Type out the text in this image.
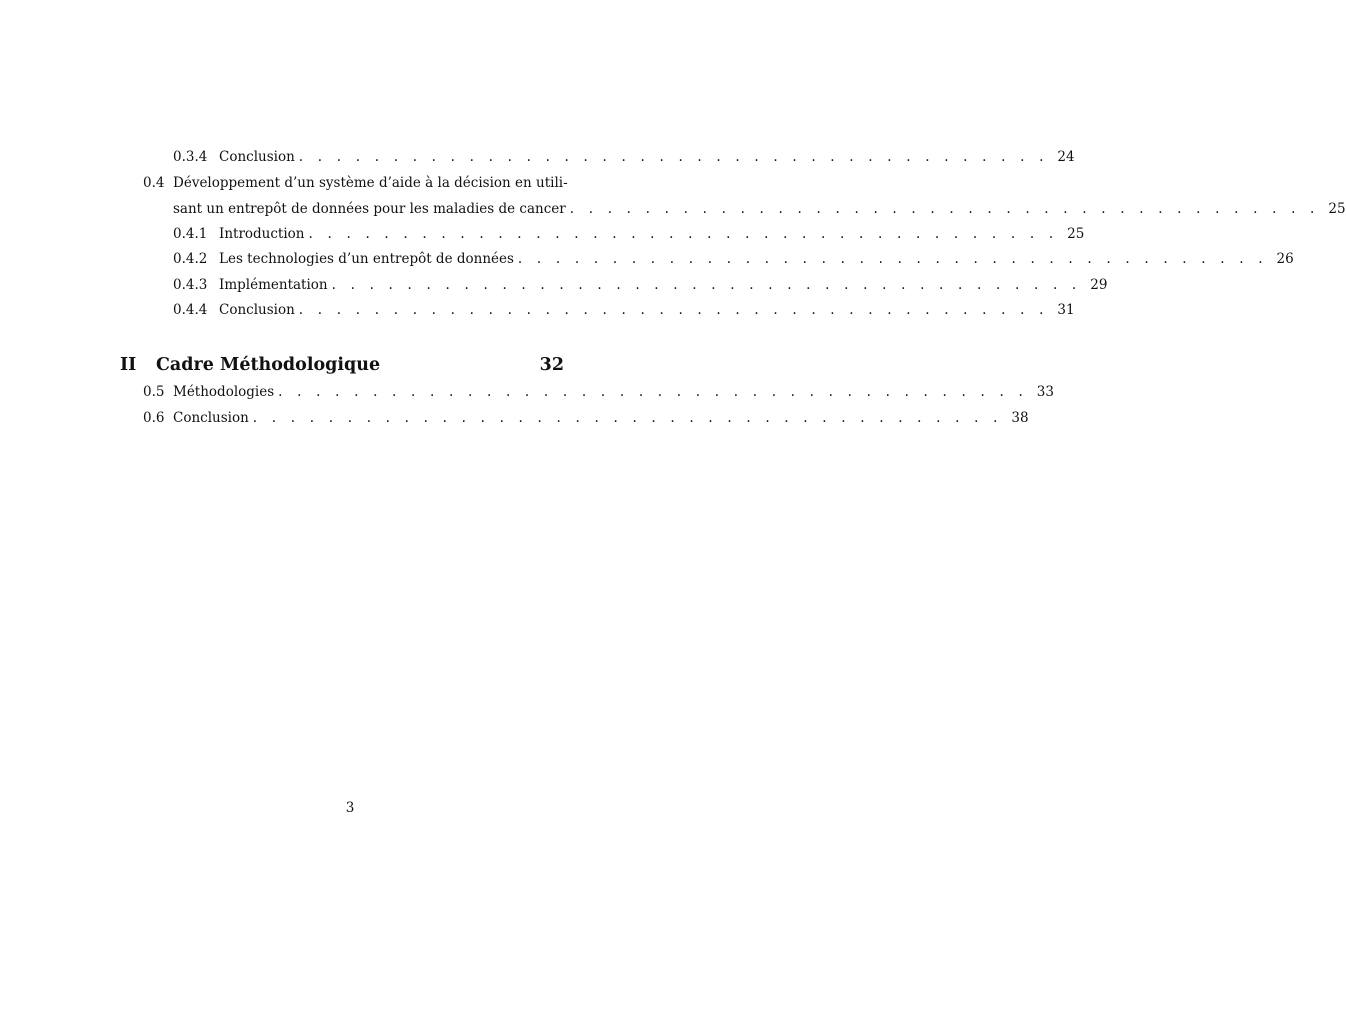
0.3.4 Conclusion . . . . . . . . . . . . . . . . . . . . . . . . . . . . . . . . . . . . . . . . 24
0.4 Développement d’un système d’aide à la décision en utili-
sant un entrepôt de données pour les maladies de cancer . . . . . . . . . . . . . . . . . . . . . . . . . . . . . . . . . . . . . . . . 25
0.4.1 Introduction . . . . . . . . . . . . . . . . . . . . . . . . . . . . . . . . . . . . . . . . 25
0.4.2 Les technologies d’un entrepôt de données . . . . . . . . . . . . . . . . . . . . . . . . . . . . . . . . . . . . . . . . 26
0.4.3 Implémentation . . . . . . . . . . . . . . . . . . . . . . . . . . . . . . . . . . . . . . . . 29
0.4.4 Conclusion . . . . . . . . . . . . . . . . . . . . . . . . . . . . . . . . . . . . . . . . 31
II	Cadre Méthodologique	32
0.5 Méthodologies . . . . . . . . . . . . . . . . . . . . . . . . . . . . . . . . . . . . . . . . 33
0.6 Conclusion . . . . . . . . . . . . . . . . . . . . . . . . . . . . . . . . . . . . . . . . 38
3
